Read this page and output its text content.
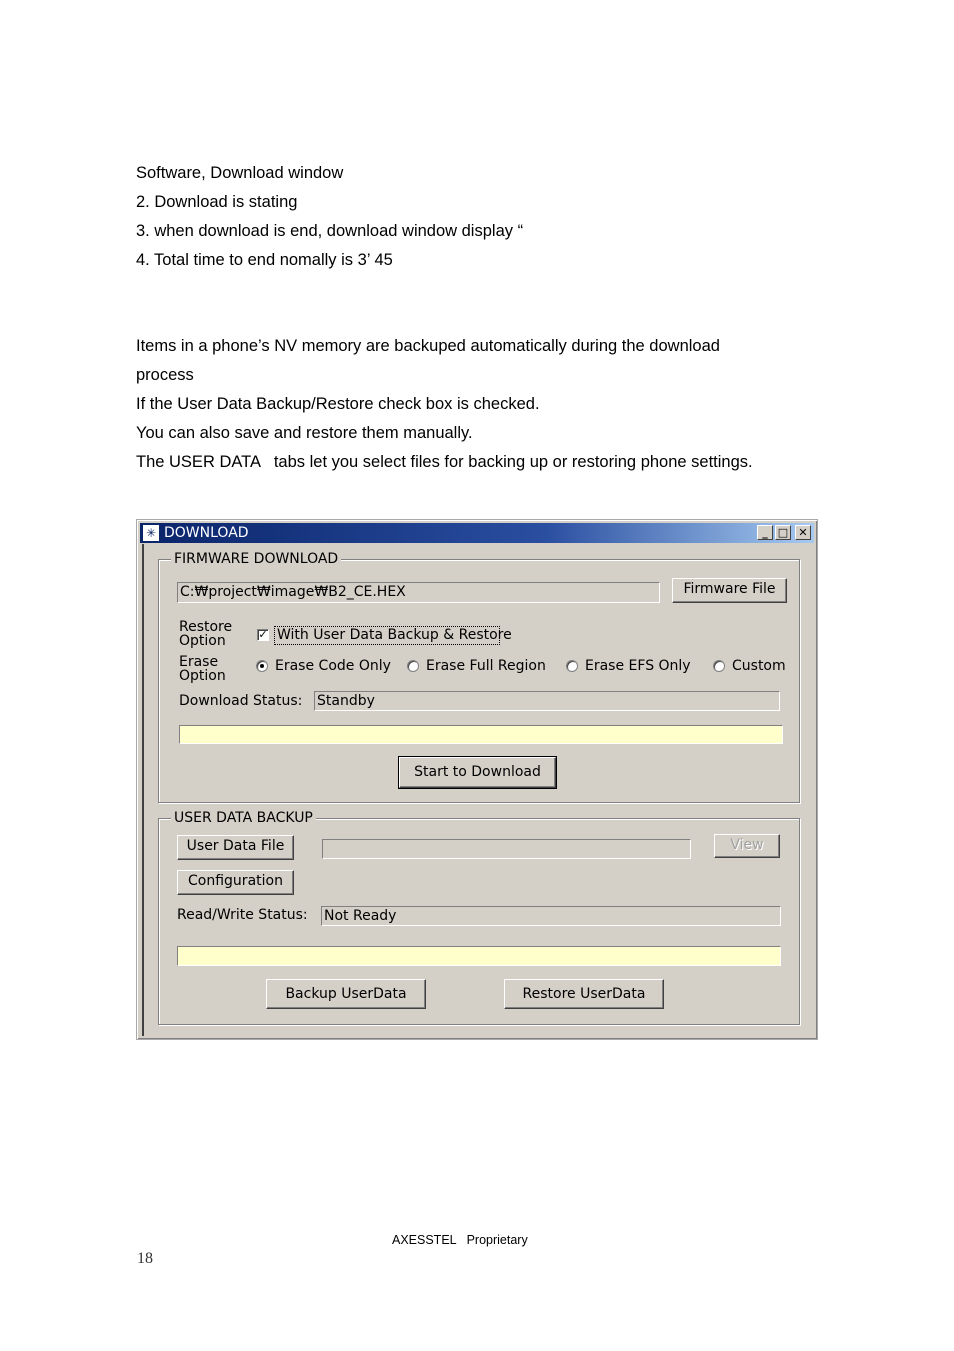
Software, Download window
2. Download is stating
3. when download is end, download window display “
4. Total time to end nomally is 3’ 45
Items in a phone’s NV memory are backuped automatically during the download
process
If the User Data Backup/Restore check box is checked.
You can also save and restore them manually.
The USER DATA   tabs let you select files for backing up or restoring phone settings.
✳ DOWNLOAD	_ □ ✕
FIRMWARE DOWNLOAD
C:₩project₩image₩B2_CE.HEX	Firmware File
Restore
Option	✓ With User Data Backup & Restore
Erase
Option
Erase Code Only	Erase Full Region	Erase EFS Only	Custom
Download Status: Standby
Start to Download
USER DATA BACKUP
User Data File	View
Configuration
Read/Write Status: Not Ready
Backup UserData	Restore UserData
AXESSTEL   Proprietary
18
